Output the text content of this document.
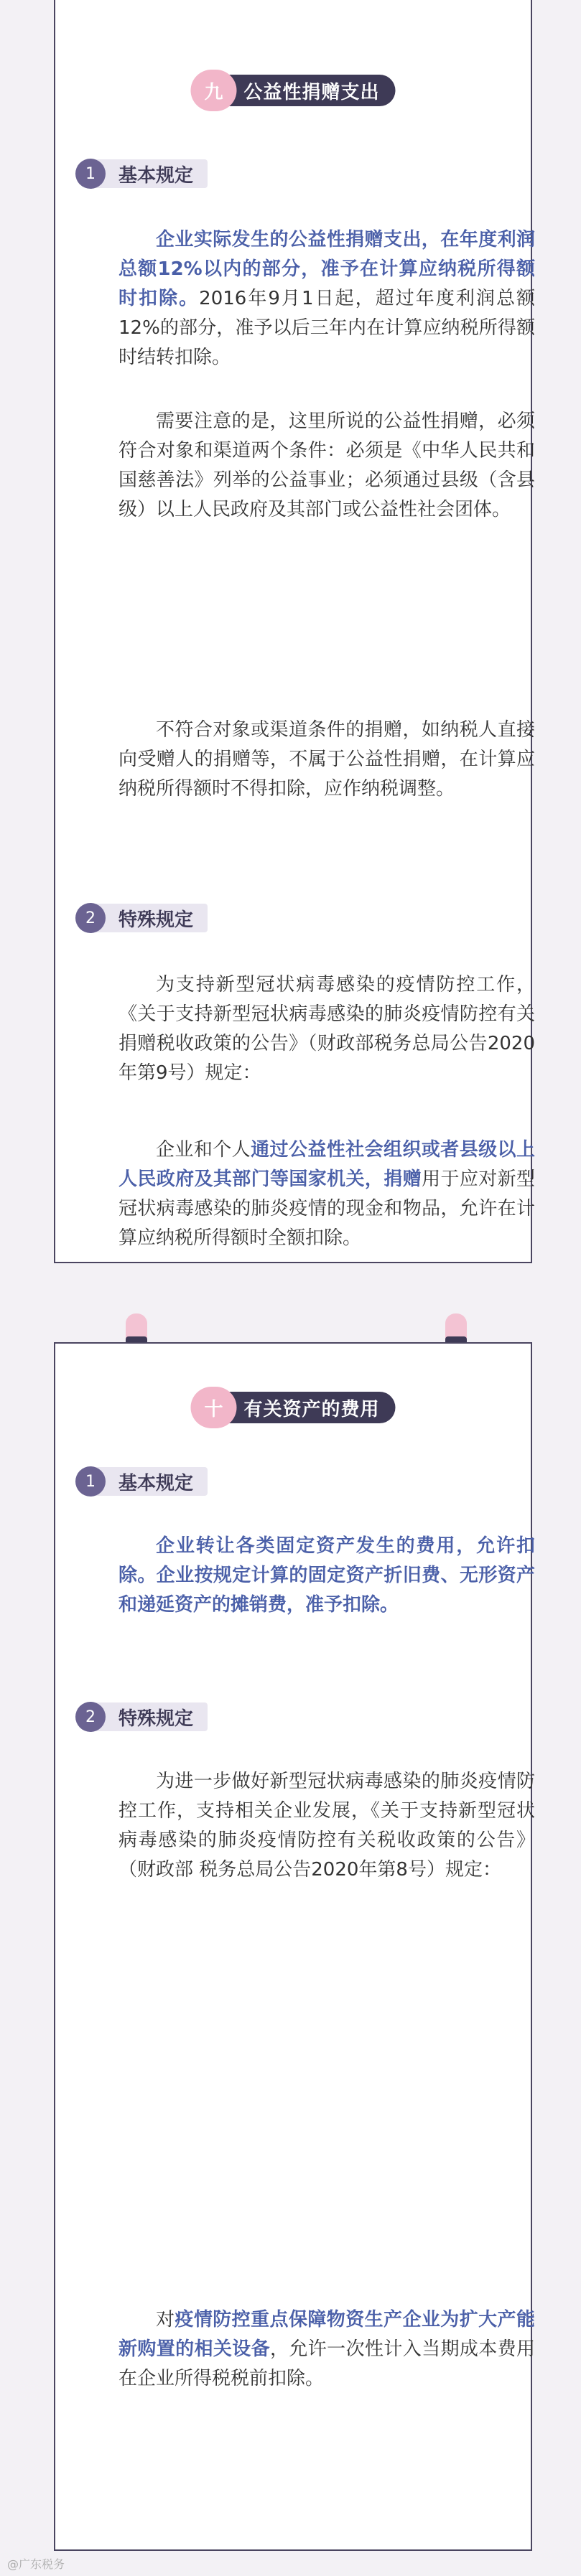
九	公益性捐赠支出
1	基本规定

企业实际发生的公益性捐赠支出，在年度利润总额12%以内的部分，准予在计算应纳税所得额时扣除。2016年9月1日起，超过年度利润总额12%的部分，准予以后三年内在计算应纳税所得额时结转扣除。

需要注意的是，这里所说的公益性捐赠，必须符合对象和渠道两个条件：必须是《中华人民共和国慈善法》列举的公益事业；必须通过县级（含县级）以上人民政府及其部门或公益性社会团体。

不符合对象或渠道条件的捐赠，如纳税人直接向受赠人的捐赠等，不属于公益性捐赠，在计算应纳税所得额时不得扣除，应作纳税调整。

2	特殊规定

为支持新型冠状病毒感染的疫情防控工作，《关于支持新型冠状病毒感染的肺炎疫情防控有关捐赠税收政策的公告》（财政部税务总局公告2020年第9号）规定：

企业和个人通过公益性社会组织或者县级以上人民政府及其部门等国家机关，捐赠用于应对新型冠状病毒感染的肺炎疫情的现金和物品，允许在计算应纳税所得额时全额扣除。

十	有关资产的费用
1	基本规定

企业转让各类固定资产发生的费用，允许扣除。企业按规定计算的固定资产折旧费、无形资产和递延资产的摊销费，准予扣除。

2	特殊规定

为进一步做好新型冠状病毒感染的肺炎疫情防控工作，支持相关企业发展，《关于支持新型冠状病毒感染的肺炎疫情防控有关税收政策的公告》（财政部 税务总局公告2020年第8号）规定：

对疫情防控重点保障物资生产企业为扩大产能新购置的相关设备，允许一次性计入当期成本费用在企业所得税税前扣除。

@广东税务
